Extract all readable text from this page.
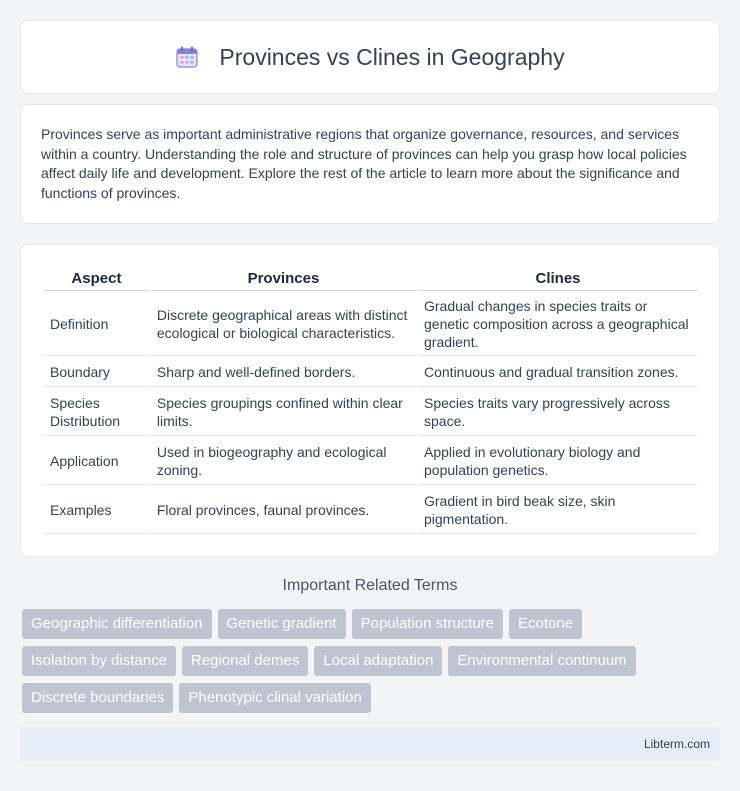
Provinces vs Clines in Geography

Provinces serve as important administrative regions that organize governance, resources, and services within a country. Understanding the role and structure of provinces can help you grasp how local policies affect daily life and development. Explore the rest of the article to learn more about the significance and functions of provinces.

Aspect	Provinces	Clines
Definition	Discrete geographical areas with distinct ecological or biological characteristics.	Gradual changes in species traits or genetic composition across a geographical gradient.
Boundary	Sharp and well-defined borders.	Continuous and gradual transition zones.
Species Distribution	Species groupings confined within clear limits.	Species traits vary progressively across space.
Application	Used in biogeography and ecological zoning.	Applied in evolutionary biology and population genetics.
Examples	Floral provinces, faunal provinces.	Gradient in bird beak size, skin pigmentation.
Important Related Terms
Geographic differentiation	Genetic gradient	Population structure	Ecotone
Isolation by distance	Regional demes	Local adaptation	Environmental continuum
Discrete boundaries	Phenotypic clinal variation
Libterm.com
